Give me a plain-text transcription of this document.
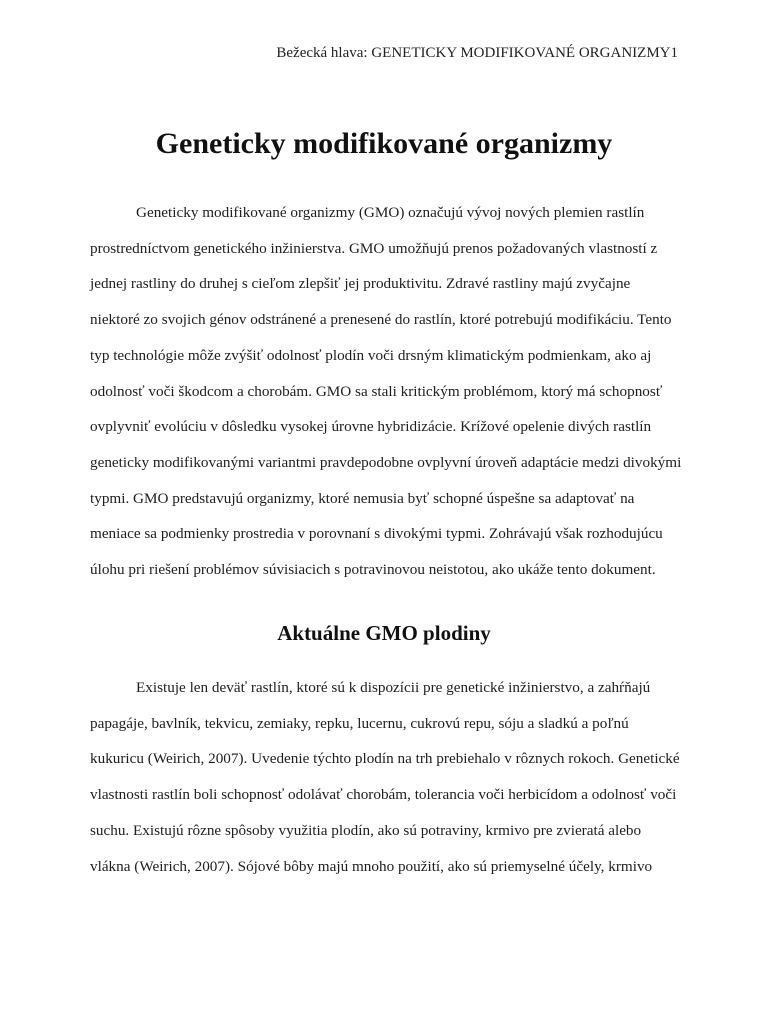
Bežecká hlava: GENETICKY MODIFIKOVANÉ ORGANIZMY1
Geneticky modifikované organizmy

Geneticky modifikované organizmy (GMO) označujú vývoj nových plemien rastlín
prostredníctvom genetického inžinierstva. GMO umožňujú prenos požadovaných vlastností z
jednej rastliny do druhej s cieľom zlepšiť jej produktivitu. Zdravé rastliny majú zvyčajne
niektoré zo svojich génov odstránené a prenesené do rastlín, ktoré potrebujú modifikáciu. Tento
typ technológie môže zvýšiť odolnosť plodín voči drsným klimatickým podmienkam, ako aj
odolnosť voči škodcom a chorobám. GMO sa stali kritickým problémom, ktorý má schopnosť
ovplyvniť evolúciu v dôsledku vysokej úrovne hybridizácie. Krížové opelenie divých rastlín
geneticky modifikovanými variantmi pravdepodobne ovplyvní úroveň adaptácie medzi divokými
typmi. GMO predstavujú organizmy, ktoré nemusia byť schopné úspešne sa adaptovať na
meniace sa podmienky prostredia v porovnaní s divokými typmi. Zohrávajú však rozhodujúcu
úlohu pri riešení problémov súvisiacich s potravinovou neistotou, ako ukáže tento dokument.

Aktuálne GMO plodiny

Existuje len deväť rastlín, ktoré sú k dispozícii pre genetické inžinierstvo, a zahŕňajú
papagáje, bavlník, tekvicu, zemiaky, repku, lucernu, cukrovú repu, sóju a sladkú a poľnú
kukuricu (Weirich, 2007). Uvedenie týchto plodín na trh prebiehalo v rôznych rokoch. Genetické
vlastnosti rastlín boli schopnosť odolávať chorobám, tolerancia voči herbicídom a odolnosť voči
suchu. Existujú rôzne spôsoby využitia plodín, ako sú potraviny, krmivo pre zvieratá alebo
vlákna (Weirich, 2007). Sójové bôby majú mnoho použití, ako sú priemyselné účely, krmivo
